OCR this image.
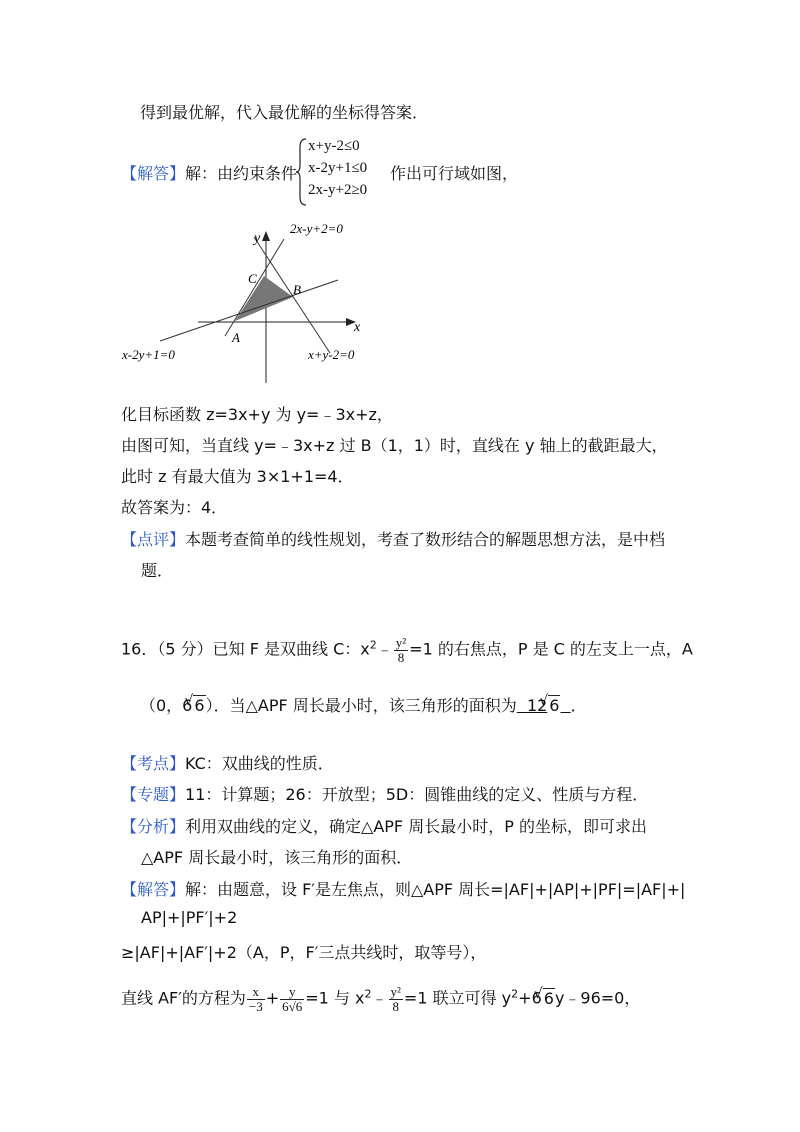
得到最优解，代入最优解的坐标得答案．
【解答】解：由约束条件
x+y-2≤0
x-2y+1≤0
2x-y+2≥0
作出可行域如图，
y
x
2x-y+2=0
x-2y+1=0	x+y-2=0
A
B
C
化目标函数 z=3x+y 为 y=﹣3x+z，
由图可知，当直线 y=﹣3x+z 过 B（1，1）时，直线在 y 轴上的截距最大，
此时 z 有最大值为 3×1+1=4．
故答案为：4．
【点评】本题考查简单的线性规划，考查了数形结合的解题思想方法，是中档
题．
16．（5 分）已知 F 是双曲线 C：$x^2﹣ \frac{\text{y²}}{8} =1$ 的右焦点，P 是 C 的左支上一点，A
（0，6√ 6）．当△APF 周长最小时，该三角形的面积为 12√ 6 ．
【考点】KC：双曲线的性质．
【专题】11：计算题；26：开放型；5D：圆锥曲线的定义、性质与方程．
【分析】利用双曲线的定义，确定△APF 周长最小时，P 的坐标，即可求出
△APF 周长最小时，该三角形的面积．
【解答】解：由题意，设 F′是左焦点，则△APF 周长=|AF|+|AP|+|PF|=|AF|+|
AP|+|PF′|+2
≥|AF|+|AF′|+2（A，P，F′三点共线时，取等号），
直线 AF′的方程为 $\frac{x}{-3} + \frac{y}{6√6} =1$ 与 $x^2﹣ \frac{\text{y²}}{8} =1$ 联立可得 $y^2+6√$ 6y﹣96=0，
